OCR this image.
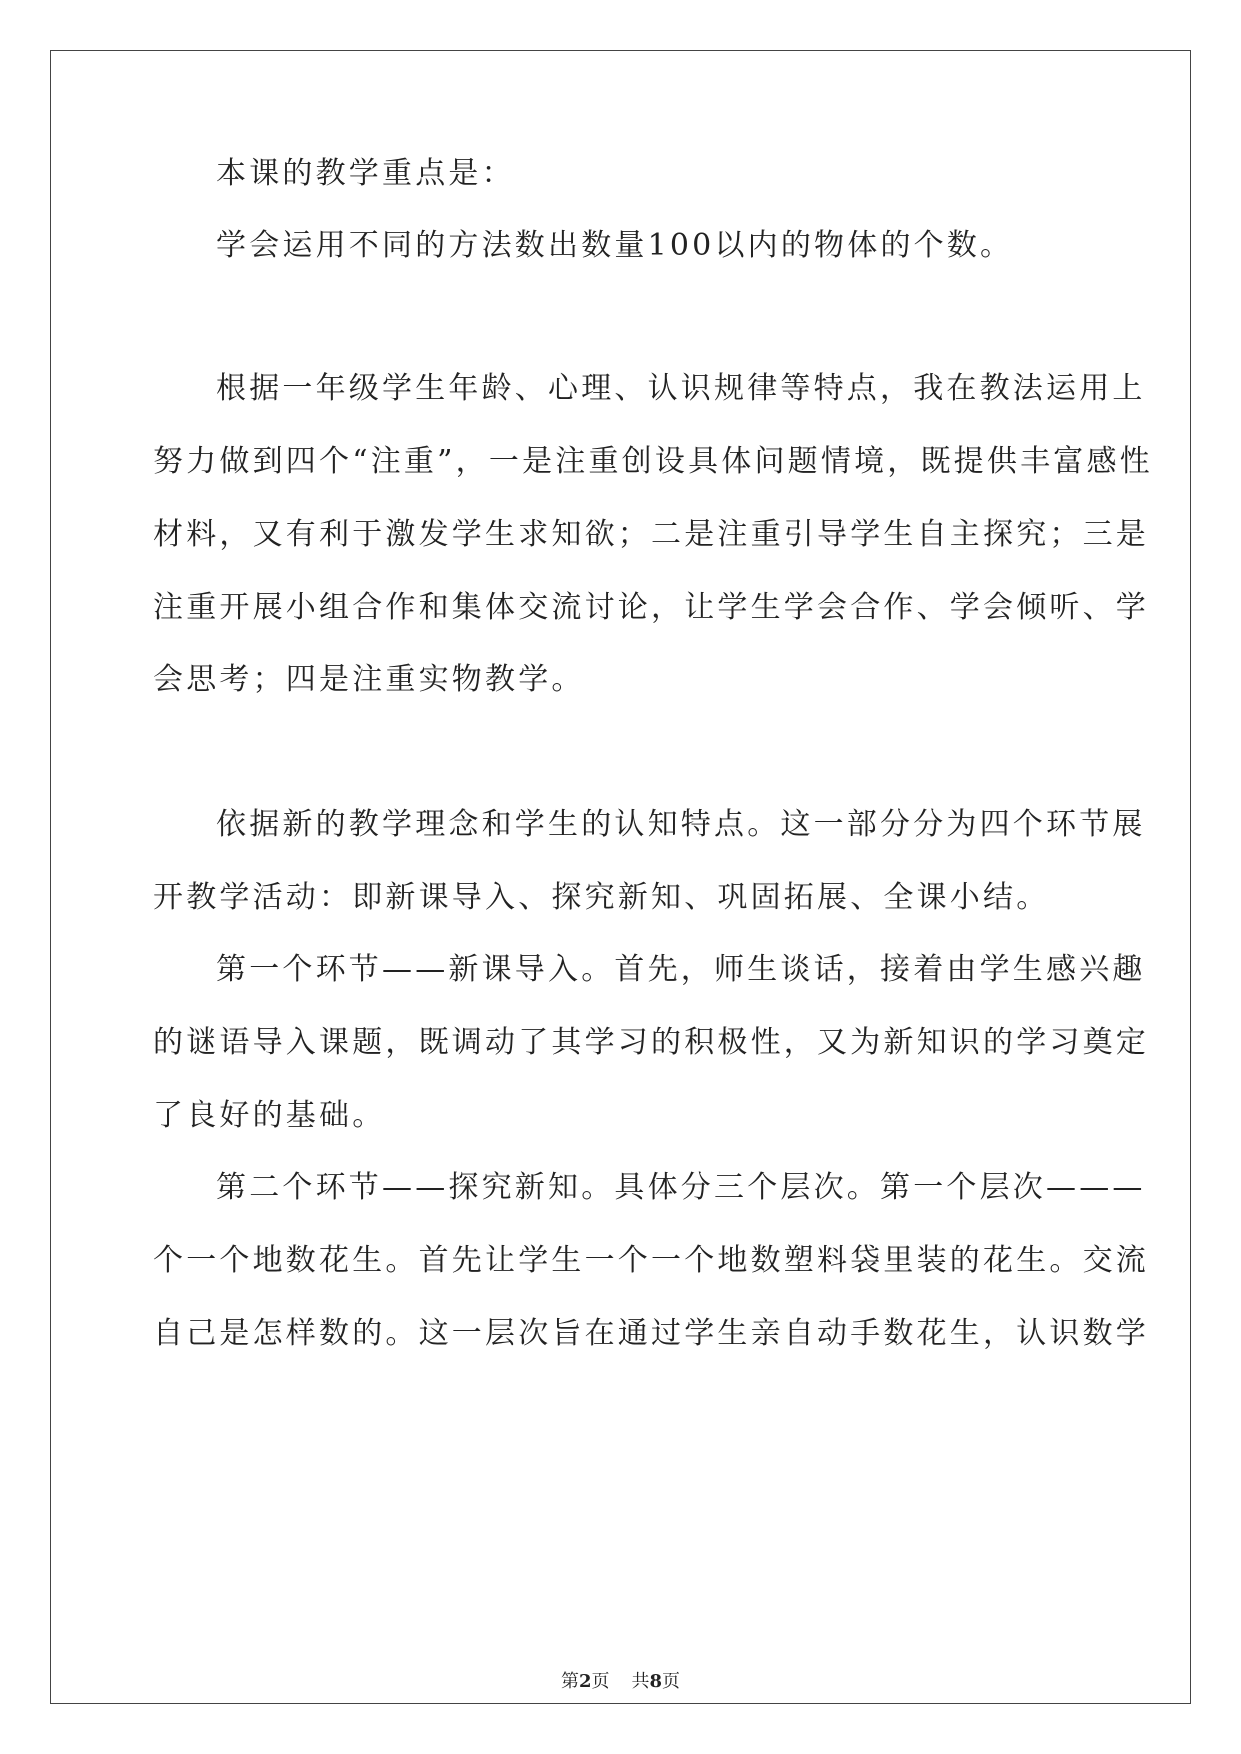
本课的教学重点是：
学会运用不同的方法数出数量100以内的物体的个数。
根据一年级学生年龄、心理、认识规律等特点，我在教法运用上
努力做到四个“注重”，一是注重创设具体问题情境，既提供丰富感性
材料，又有利于激发学生求知欲；二是注重引导学生自主探究；三是
注重开展小组合作和集体交流讨论，让学生学会合作、学会倾听、学
会思考；四是注重实物教学。
依据新的教学理念和学生的认知特点。这一部分分为四个环节展
开教学活动：即新课导入、探究新知、巩固拓展、全课小结。
第一个环节——新课导入。首先，师生谈话，接着由学生感兴趣
的谜语导入课题，既调动了其学习的积极性，又为新知识的学习奠定
了良好的基础。
第二个环节——探究新知。具体分三个层次。第一个层次———
个一个地数花生。首先让学生一个一个地数塑料袋里装的花生。交流
自己是怎样数的。这一层次旨在通过学生亲自动手数花生，认识数学
第2页 共8页
